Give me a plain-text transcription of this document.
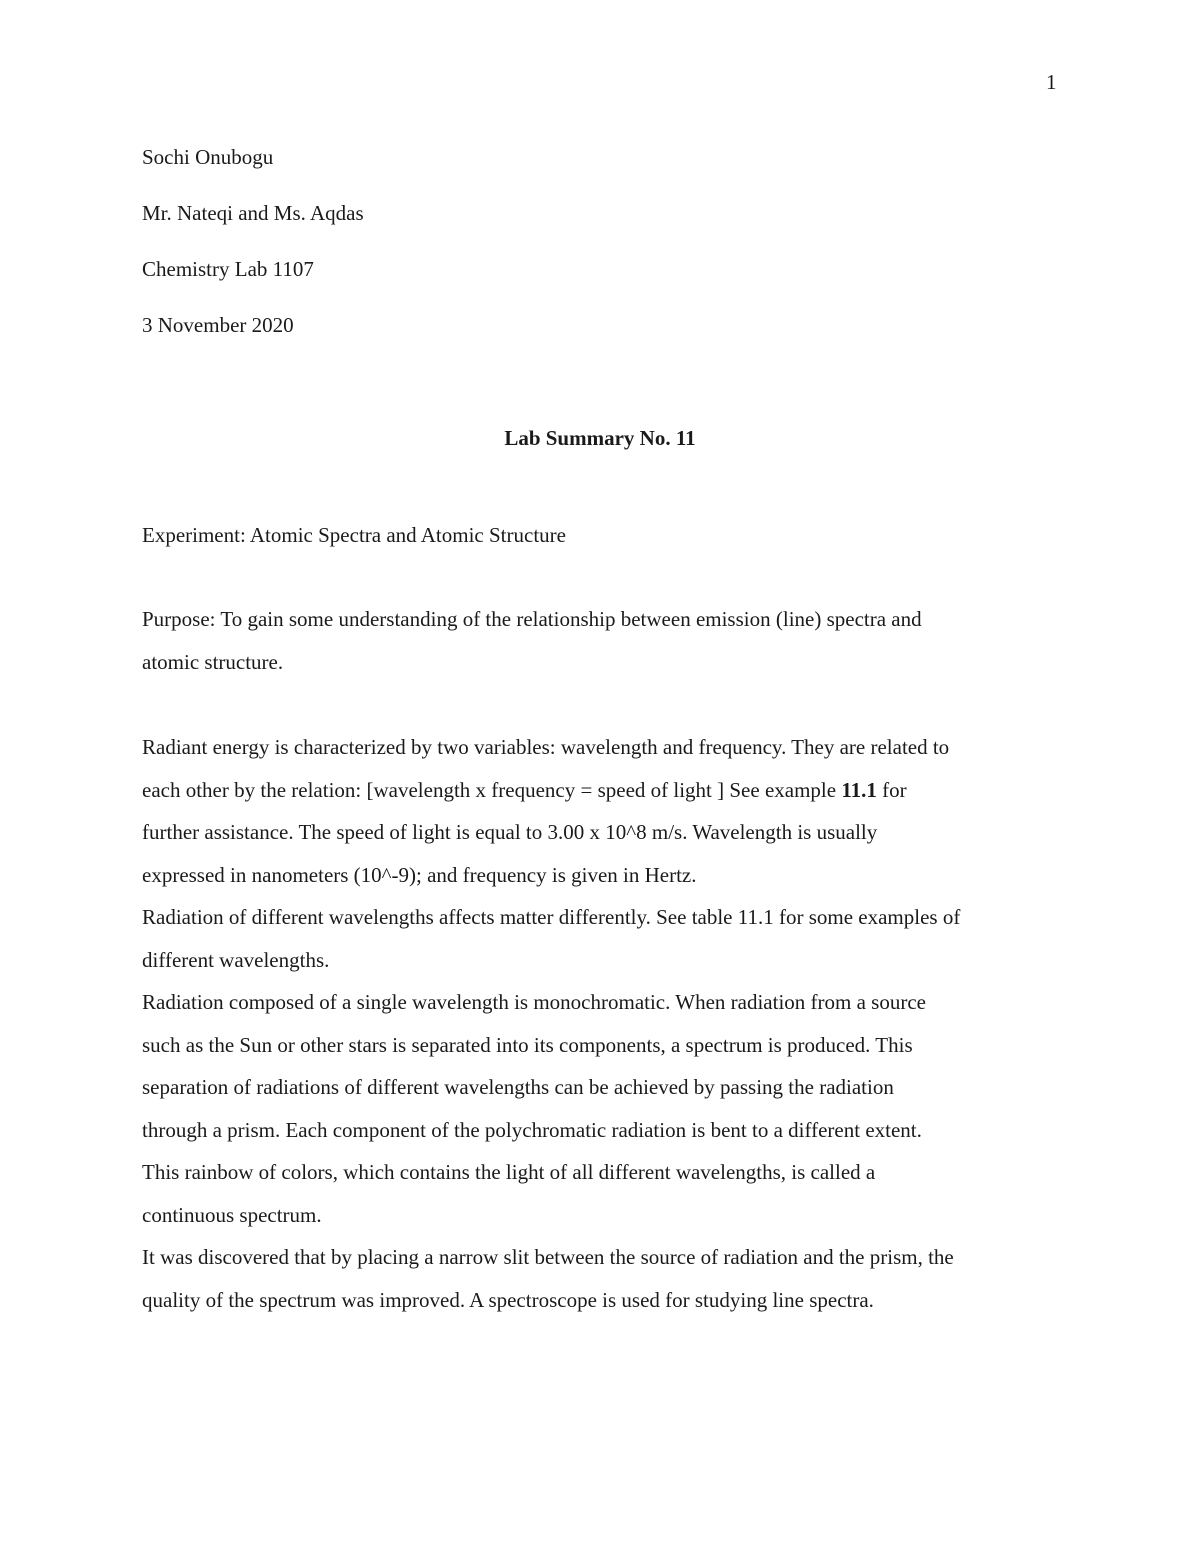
1
Sochi Onubogu
Mr. Nateqi and Ms. Aqdas
Chemistry Lab 1107
3 November 2020
Lab Summary No. 11
Experiment: Atomic Spectra and Atomic Structure
Purpose: To gain some understanding of the relationship between emission (line) spectra and
atomic structure.
Radiant energy is characterized by two variables: wavelength and frequency. They are related to
each other by the relation: [wavelength x frequency = speed of light ] See example 11.1 for
further assistance. The speed of light is equal to 3.00 x 10^8 m/s. Wavelength is usually
expressed in nanometers (10^-9); and frequency is given in Hertz.
Radiation of different wavelengths affects matter differently. See table 11.1 for some examples of
different wavelengths.
Radiation composed of a single wavelength is monochromatic. When radiation from a source
such as the Sun or other stars is separated into its components, a spectrum is produced. This
separation of radiations of different wavelengths can be achieved by passing the radiation
through a prism. Each component of the polychromatic radiation is bent to a different extent.
This rainbow of colors, which contains the light of all different wavelengths, is called a
continuous spectrum.
It was discovered that by placing a narrow slit between the source of radiation and the prism, the
quality of the spectrum was improved. A spectroscope is used for studying line spectra.
